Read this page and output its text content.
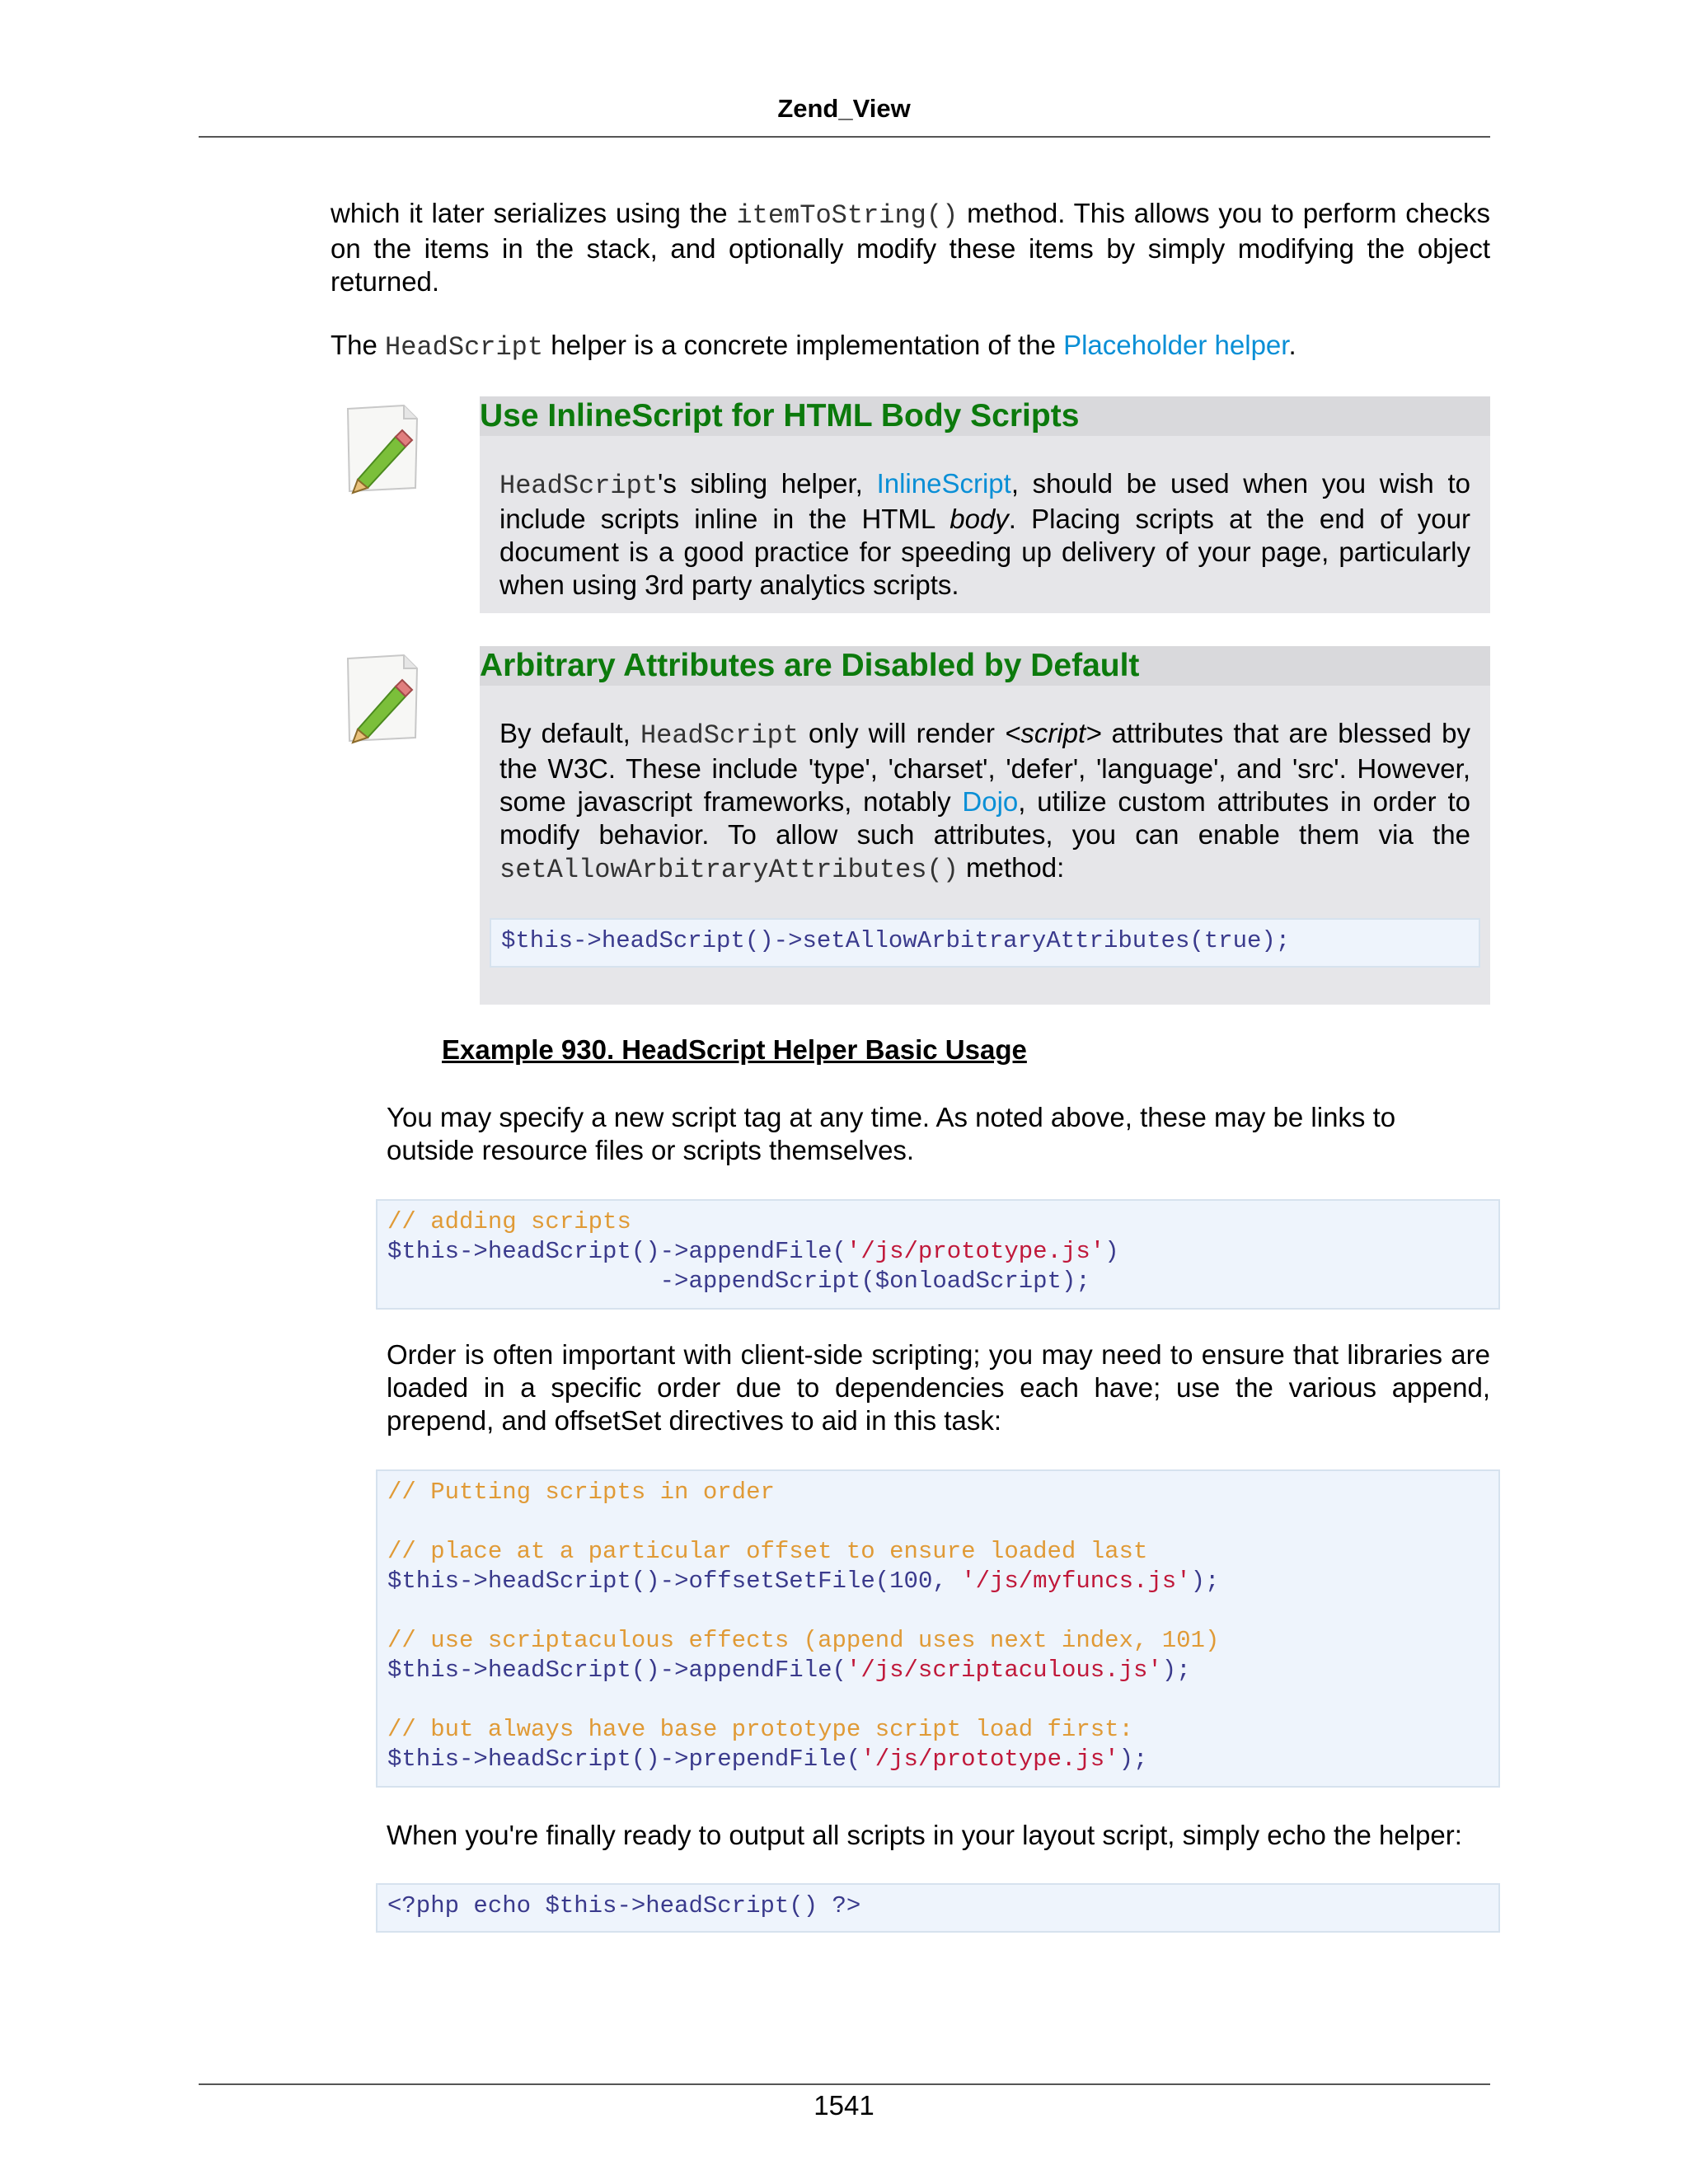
Zend_View

which it later serializes using the itemToString() method. This allows you to perform checks on the items in the stack, and optionally modify these items by simply modifying the object returned.

The HeadScript helper is a concrete implementation of the Placeholder helper.

Use InlineScript for HTML Body Scripts

HeadScript's sibling helper, InlineScript, should be used when you wish to include scripts inline in the HTML body. Placing scripts at the end of your document is a good practice for speeding up delivery of your page, particularly when using 3rd party analytics scripts.

Arbitrary Attributes are Disabled by Default

By default, HeadScript only will render <script> attributes that are blessed by the W3C. These include 'type', 'charset', 'defer', 'language', and 'src'. However, some javascript frameworks, notably Dojo, utilize custom attributes in order to modify behavior. To allow such attributes, you can enable them via the setAllowArbitraryAttributes() method:

$this->headScript()->setAllowArbitraryAttributes(true);
Example 930. HeadScript Helper Basic Usage

You may specify a new script tag at any time. As noted above, these may be links to outside resource files or scripts themselves.

// adding scripts
$this->headScript()->appendFile('/js/prototype.js')
->appendScript($onloadScript);

Order is often important with client-side scripting; you may need to ensure that libraries are loaded in a specific order due to dependencies each have; use the various append, prepend, and offsetSet directives to aid in this task:

// Putting scripts in order

// place at a particular offset to ensure loaded last
$this->headScript()->offsetSetFile(100, '/js/myfuncs.js');

// use scriptaculous effects (append uses next index, 101)
$this->headScript()->appendFile('/js/scriptaculous.js');

// but always have base prototype script load first:
$this->headScript()->prependFile('/js/prototype.js');

When you're finally ready to output all scripts in your layout script, simply echo the helper:

<?php echo $this->headScript() ?>
1541
